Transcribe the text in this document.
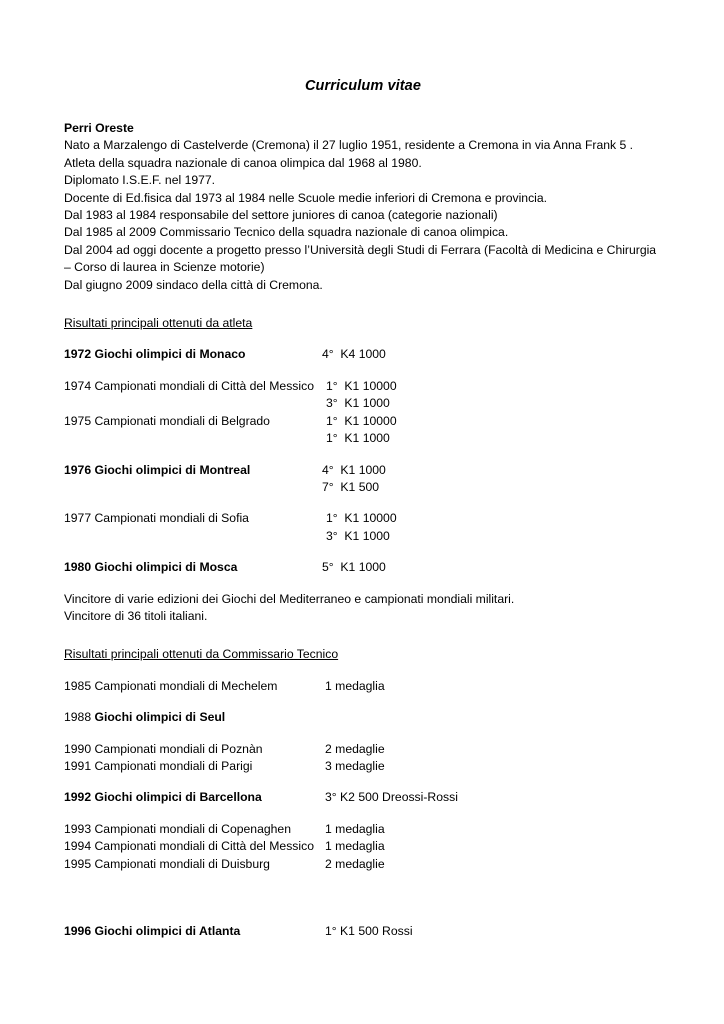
Curriculum vitae

Perri Oreste

Nato a Marzalengo di Castelverde (Cremona) il 27 luglio 1951, residente a Cremona in via Anna Frank 5 .

Atleta della squadra nazionale di canoa olimpica dal 1968 al 1980.

Diplomato I.S.E.F. nel 1977.

Docente di Ed.fisica dal 1973 al 1984 nelle Scuole medie inferiori di Cremona e provincia.

Dal 1983 al 1984 responsabile del settore juniores di canoa (categorie nazionali)

Dal 1985 al 2009 Commissario Tecnico della squadra nazionale di canoa olimpica.

Dal 2004 ad oggi docente a progetto presso l’Università degli Studi di Ferrara (Facoltà di Medicina e Chirurgia

– Corso di laurea in Scienze motorie)

Dal giugno 2009 sindaco della città di Cremona.

Risultati principali ottenuti da atleta
1972 Giochi olimpici di Monaco	4°  K4 1000
1974 Campionati mondiali di Città del Messico 1°  K1 10000
3°  K1 1000
1975 Campionati mondiali di Belgrado	1°  K1 10000
1°  K1 1000
1976 Giochi olimpici di Montreal	4°  K1 1000
7°  K1 500
1977 Campionati mondiali di Sofia	1°  K1 10000
3°  K1 1000
1980 Giochi olimpici di Mosca	5°  K1 1000

Vincitore di varie edizioni dei Giochi del Mediterraneo e campionati mondiali militari.

Vincitore di 36 titoli italiani.

Risultati principali ottenuti da Commissario Tecnico
1985 Campionati mondiali di Mechelem	1 medaglia
1988 Giochi olimpici di Seul
1990 Campionati mondiali di Poznàn	2 medaglie
1991 Campionati mondiali di Parigi	3 medaglie
1992 Giochi olimpici di Barcellona	3° K2 500 Dreossi-Rossi
1993 Campionati mondiali di Copenaghen	1 medaglia
1994 Campionati mondiali di Città del Messico 1 medaglia
1995 Campionati mondiali di Duisburg	2 medaglie
1996 Giochi olimpici di Atlanta	1° K1 500 Rossi
